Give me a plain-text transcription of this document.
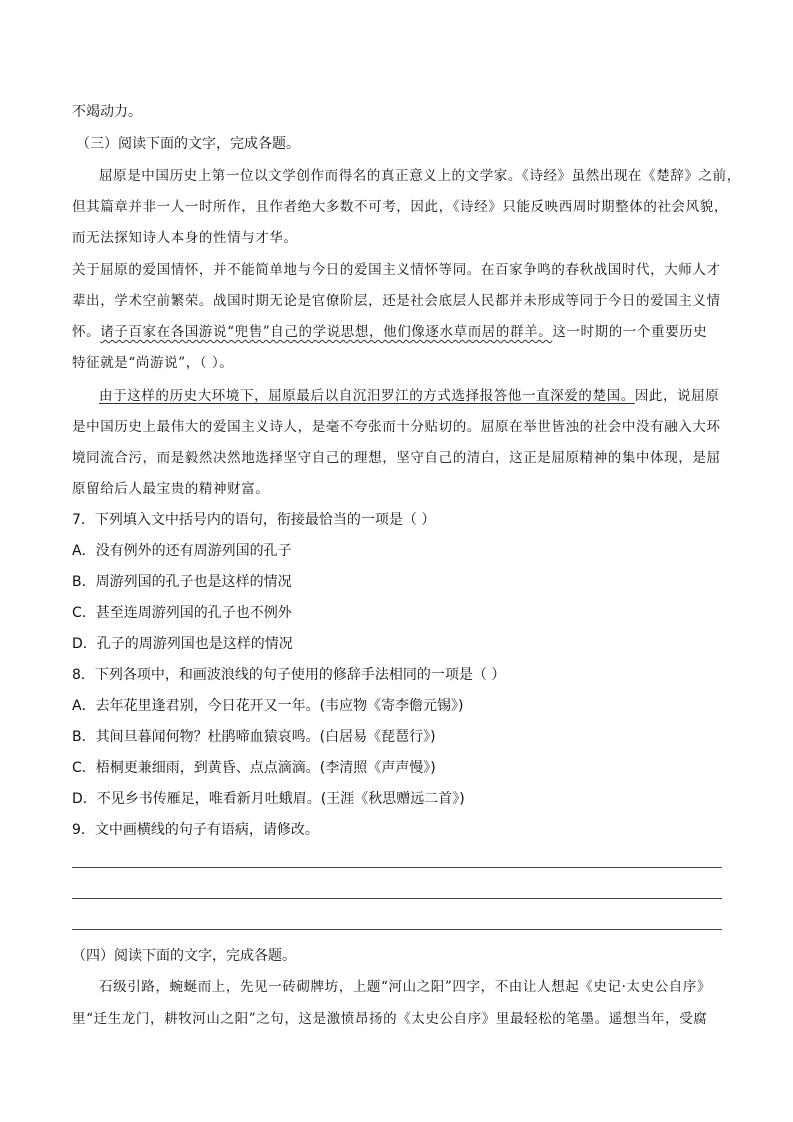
不竭动力。
（三）阅读下面的文字，完成各题。
屈原是中国历史上第一位以文学创作而得名的真正意义上的文学家。《诗经》虽然出现在《楚辞》之前，
但其篇章并非一人一时所作，且作者绝大多数不可考，因此，《诗经》只能反映西周时期整体的社会风貌，
而无法探知诗人本身的性情与才华。
关于屈原的爱国情怀，并不能简单地与今日的爱国主义情怀等同。在百家争鸣的春秋战国时代，大师人才
辈出，学术空前繁荣。战国时期无论是官僚阶层，还是社会底层人民都并未形成等同于今日的爱国主义情
怀。诸子百家在各国游说“兜售”自己的学说思想，他们像逐水草而居的群羊。这一时期的一个重要历史
特征就是“尚游说”，（ ）。
由于这样的历史大环境下，屈原最后以自沉汨罗江的方式选择报答他一直深爱的楚国。因此，说屈原
是中国历史上最伟大的爱国主义诗人，是毫不夸张而十分贴切的。屈原在举世皆浊的社会中没有融入大环
境同流合污，而是毅然决然地选择坚守自己的理想，坚守自己的清白，这正是屈原精神的集中体现，是屈
原留给后人最宝贵的精神财富。
7．下列填入文中括号内的语句，衔接最恰当的一项是（ ）
A．没有例外的还有周游列国的孔子
B．周游列国的孔子也是这样的情况
C．甚至连周游列国的孔子也不例外
D．孔子的周游列国也是这样的情况
8．下列各项中，和画波浪线的句子使用的修辞手法相同的一项是（ ）
A．去年花里逢君别，今日花开又一年。(韦应物《寄李儋元锡》)
B．其间旦暮闻何物？杜鹃啼血猿哀鸣。(白居易《琵琶行》)
C．梧桐更兼细雨，到黄昏、点点滴滴。(李清照《声声慢》)
D．不见乡书传雁足，唯看新月吐蛾眉。(王涯《秋思赠远二首》)
9．文中画横线的句子有语病，请修改。
（四）阅读下面的文字，完成各题。
石级引路，蜿蜒而上，先见一砖砌牌坊，上题“河山之阳”四字，不由让人想起《史记·太史公自序》
里“迁生龙门，耕牧河山之阳”之句，这是激愤昂扬的《太史公自序》里最轻松的笔墨。遥想当年，受腐
